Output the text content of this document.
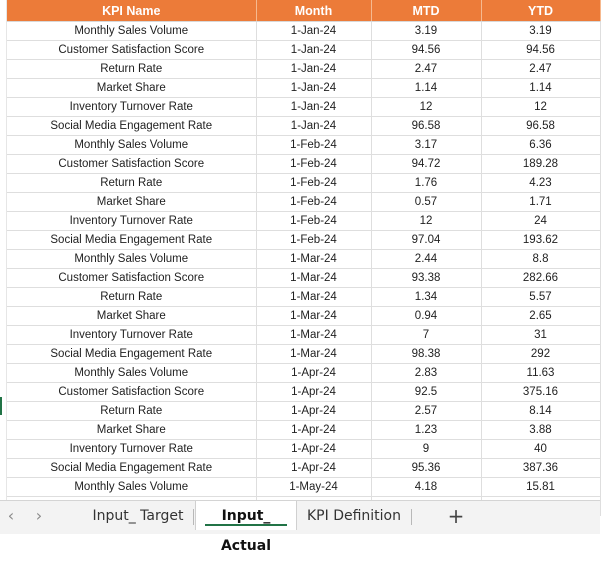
KPI Name	Month	MTD	YTD
Monthly Sales Volume	1-Jan-24	3.19	3.19
Customer Satisfaction Score	1-Jan-24	94.56	94.56
Return Rate	1-Jan-24	2.47	2.47
Market Share	1-Jan-24	1.14	1.14
Inventory Turnover Rate	1-Jan-24	12	12
Social Media Engagement Rate	1-Jan-24	96.58	96.58
Monthly Sales Volume	1-Feb-24	3.17	6.36
Customer Satisfaction Score	1-Feb-24	94.72	189.28
Return Rate	1-Feb-24	1.76	4.23
Market Share	1-Feb-24	0.57	1.71
Inventory Turnover Rate	1-Feb-24	12	24
Social Media Engagement Rate	1-Feb-24	97.04	193.62
Monthly Sales Volume	1-Mar-24	2.44	8.8
Customer Satisfaction Score	1-Mar-24	93.38	282.66
Return Rate	1-Mar-24	1.34	5.57
Market Share	1-Mar-24	0.94	2.65
Inventory Turnover Rate	1-Mar-24	7	31
Social Media Engagement Rate	1-Mar-24	98.38	292
Monthly Sales Volume	1-Apr-24	2.83	11.63
Customer Satisfaction Score	1-Apr-24	92.5	375.16
Return Rate	1-Apr-24	2.57	8.14
Market Share	1-Apr-24	1.23	3.88
Inventory Turnover Rate	1-Apr-24	9	40
Social Media Engagement Rate	1-Apr-24	95.36	387.36
Monthly Sales Volume	1-May-24	4.18	15.81

‹	›	Input_ Target	Input_ Actual
KPI Definition	+
